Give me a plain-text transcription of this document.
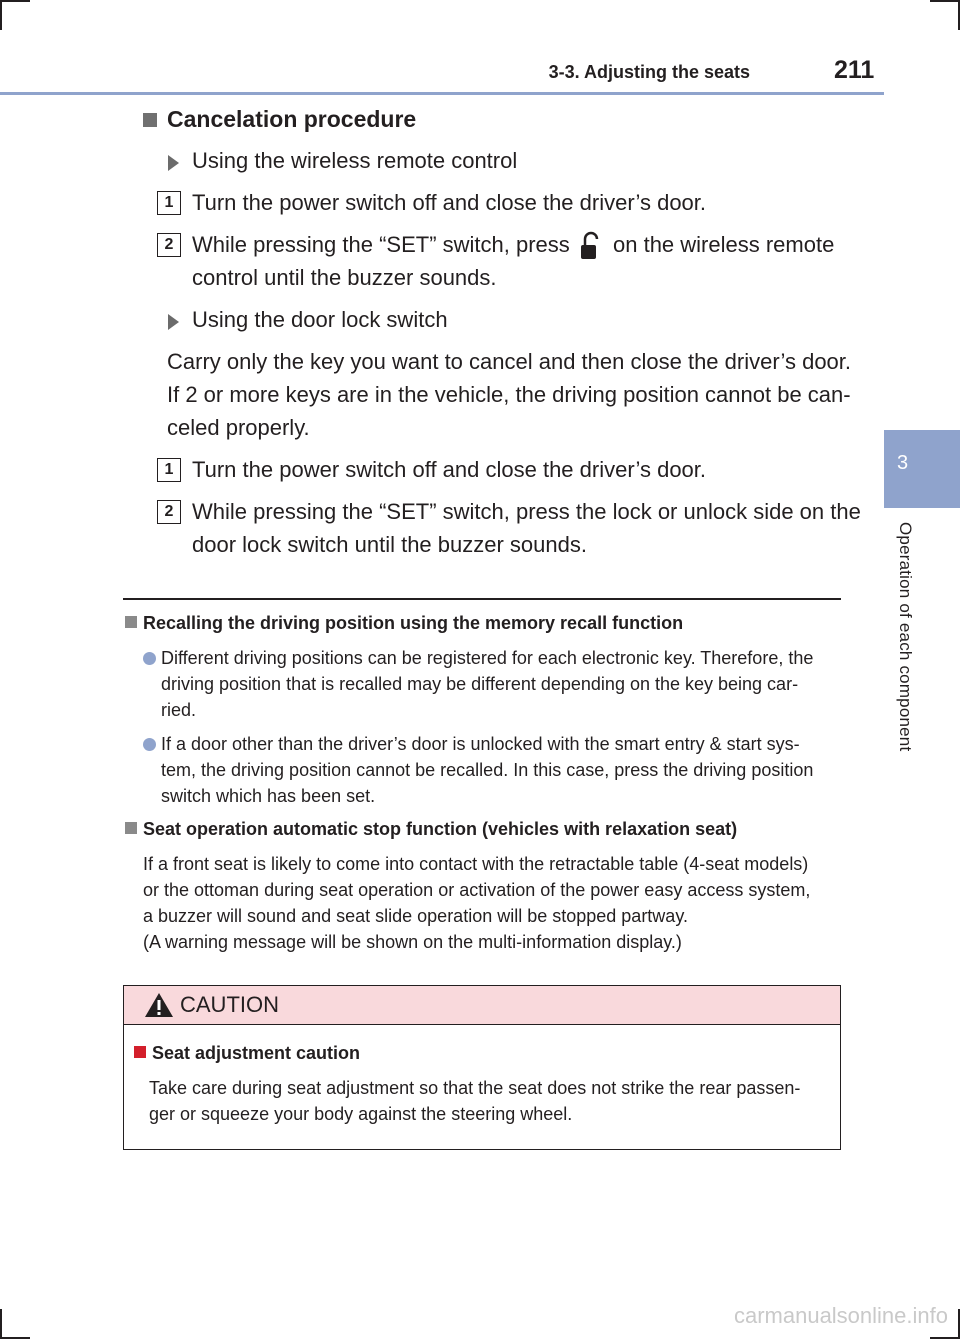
3-3. Adjusting the seats	211
3
Operation of each component
Cancelation procedure
Using the wireless remote control
1 Turn the power switch off and close the driver’s door.
2 While pressing the “SET” switch, press on the wireless remote
control until the buzzer sounds.
Using the door lock switch
Carry only the key you want to cancel and then close the driver’s door.
If 2 or more keys are in the vehicle, the driving position cannot be can-
celed properly.
1 Turn the power switch off and close the driver’s door.
2 While pressing the “SET” switch, press the lock or unlock side on the
door lock switch until the buzzer sounds.
Recalling the driving position using the memory recall function
Different driving positions can be registered for each electronic key. Therefore, the
driving position that is recalled may be different depending on the key being car-
ried.
If a door other than the driver’s door is unlocked with the smart entry & start sys-
tem, the driving position cannot be recalled. In this case, press the driving position
switch which has been set.
Seat operation automatic stop function (vehicles with relaxation seat)
If a front seat is likely to come into contact with the retractable table (4-seat models)
or the ottoman during seat operation or activation of the power easy access system,
a buzzer will sound and seat slide operation will be stopped partway.
(A warning message will be shown on the multi-information display.)
CAUTION
Seat adjustment caution
Take care during seat adjustment so that the seat does not strike the rear passen-
ger or squeeze your body against the steering wheel.
carmanualsonline.info
